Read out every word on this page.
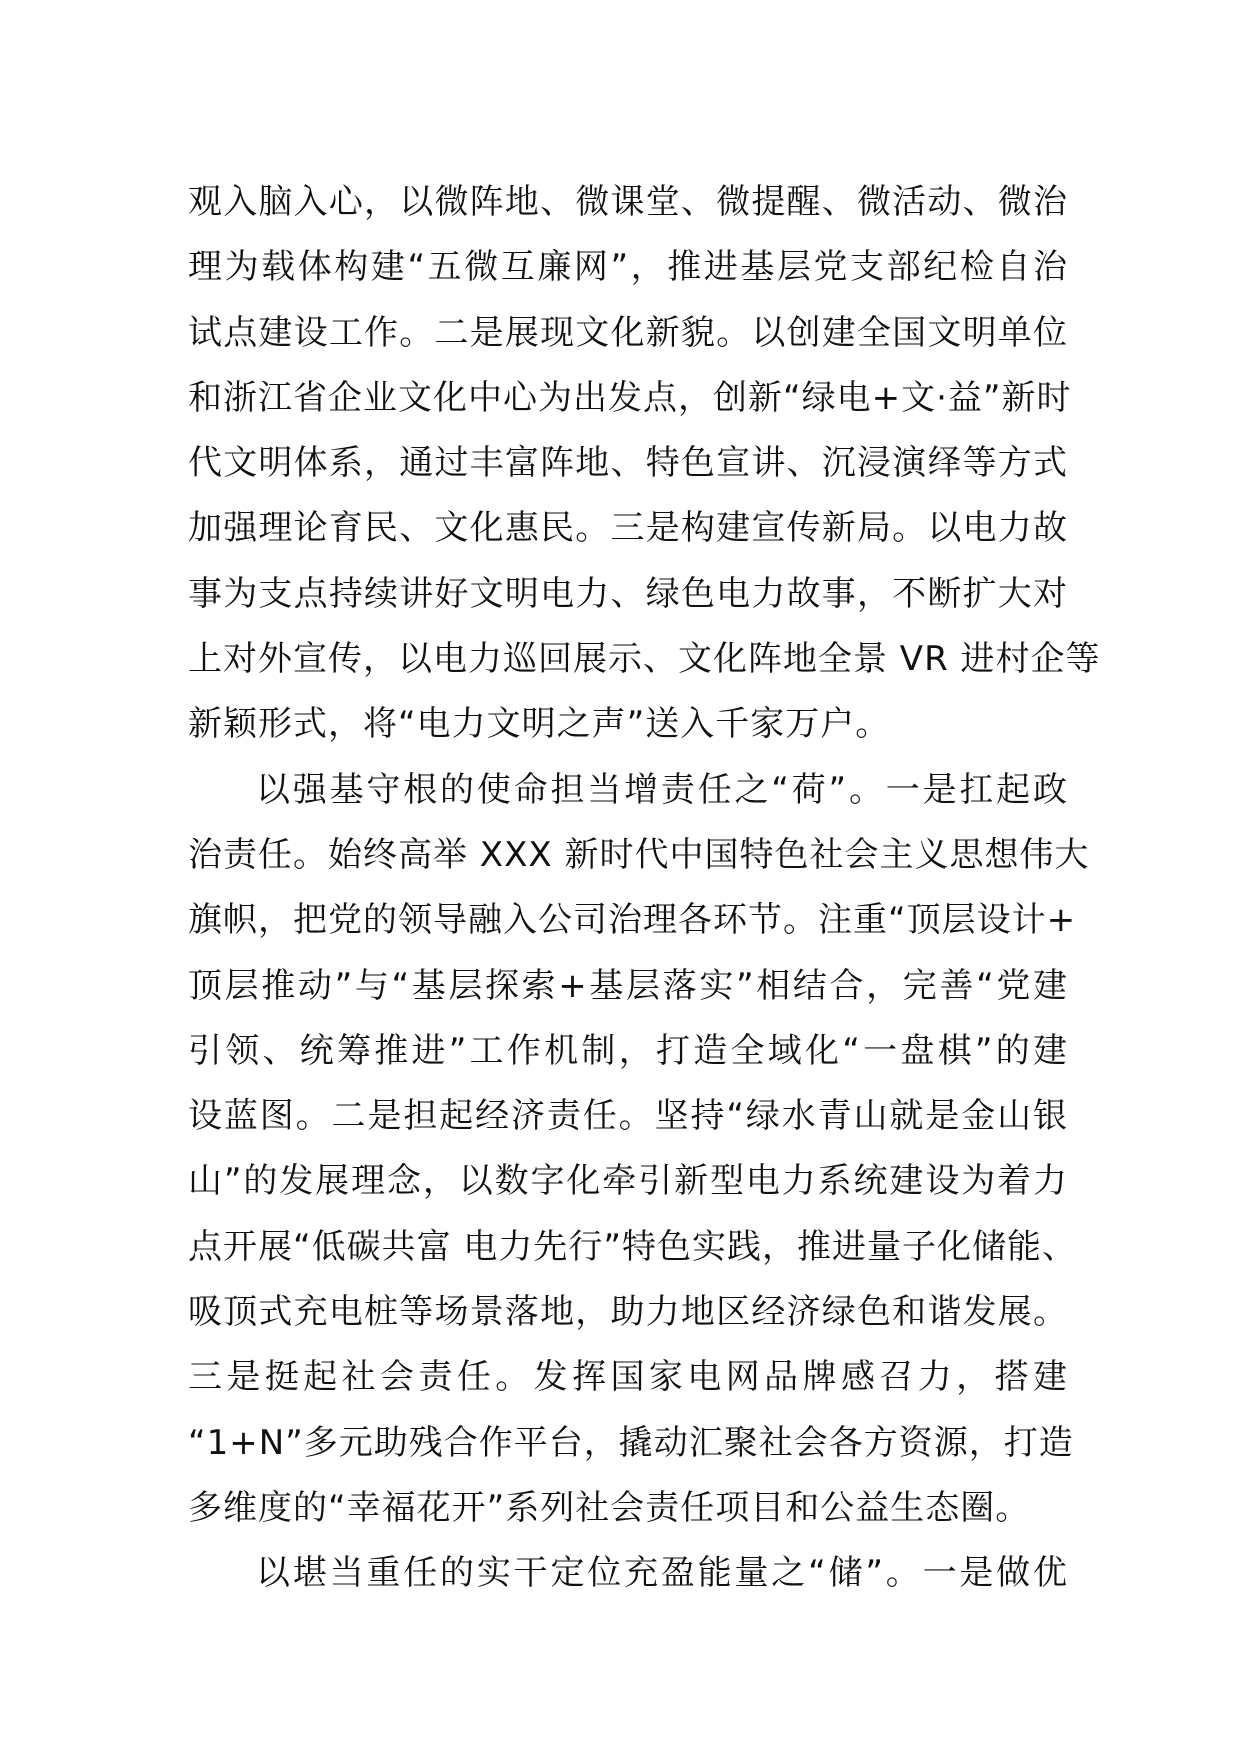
观入脑入心，以微阵地、微课堂、微提醒、微活动、微治
理为载体构建“五微互廉网”，推进基层党支部纪检自治
试点建设工作。二是展现文化新貌。以创建全国文明单位
和浙江省企业文化中心为出发点，创新“绿电+文·益”新时
代文明体系，通过丰富阵地、特色宣讲、沉浸演绎等方式
加强理论育民、文化惠民。三是构建宣传新局。以电力故
事为支点持续讲好文明电力、绿色电力故事，不断扩大对
上对外宣传，以电力巡回展示、文化阵地全景 VR 进村企等
新颖形式，将“电力文明之声”送入千家万户。
以强基守根的使命担当增责任之“荷”。一是扛起政
治责任。始终高举 XXX 新时代中国特色社会主义思想伟大
旗帜，把党的领导融入公司治理各环节。注重“顶层设计+
顶层推动”与“基层探索+基层落实”相结合，完善“党建
引领、统筹推进”工作机制，打造全域化“一盘棋”的建
设蓝图。二是担起经济责任。坚持“绿水青山就是金山银
山”的发展理念，以数字化牵引新型电力系统建设为着力
点开展“低碳共富 电力先行”特色实践，推进量子化储能、
吸顶式充电桩等场景落地，助力地区经济绿色和谐发展。
三是挺起社会责任。发挥国家电网品牌感召力，搭建
“1+N”多元助残合作平台，撬动汇聚社会各方资源，打造
多维度的“幸福花开”系列社会责任项目和公益生态圈。
以堪当重任的实干定位充盈能量之“储”。一是做优
